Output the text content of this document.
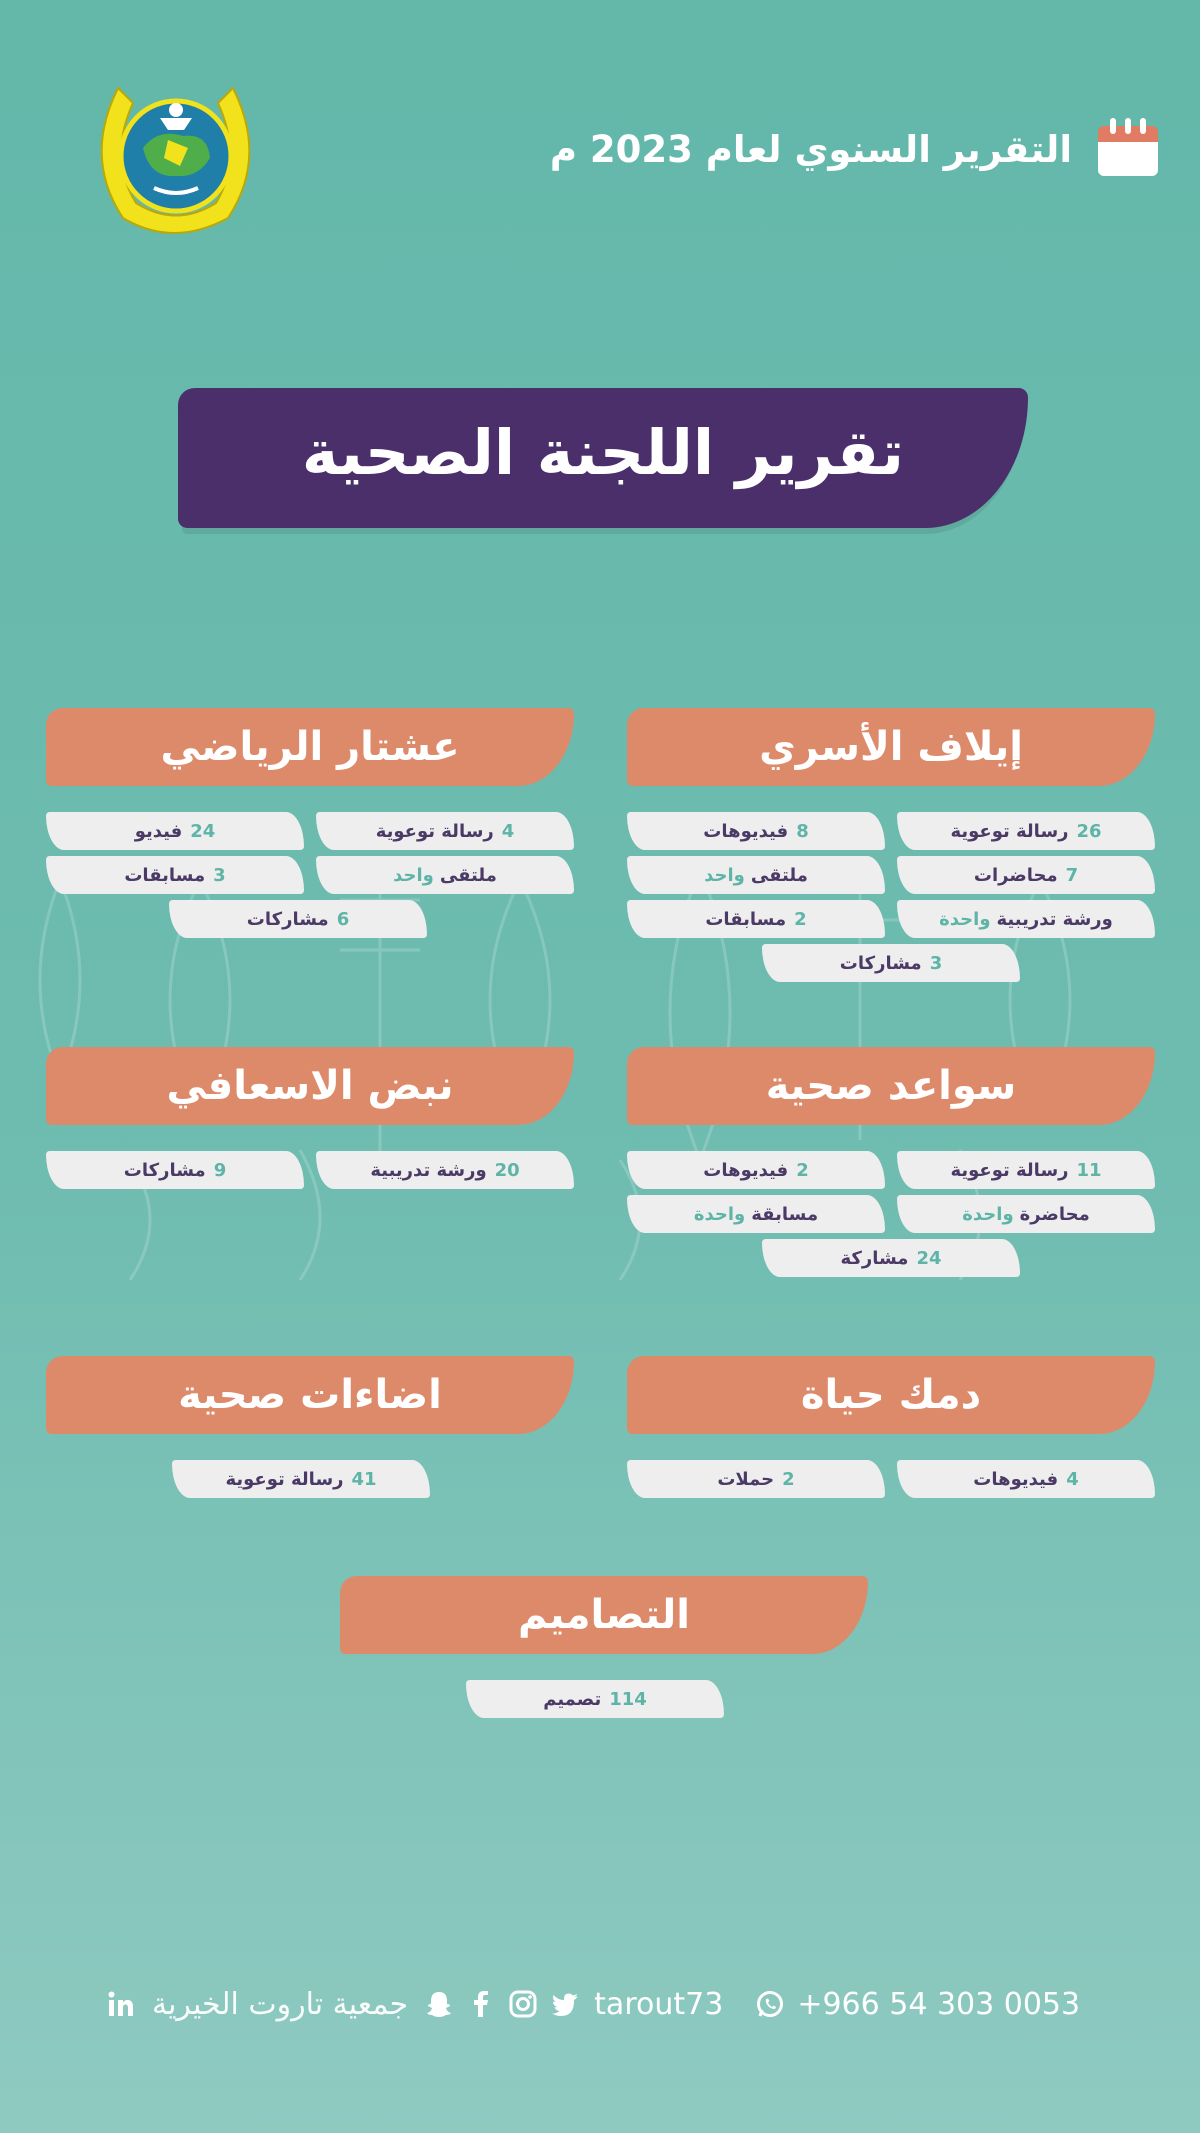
التقرير السنوي لعام 2023 م
تقرير اللجنة الصحية
إيلاف الأسري
26
رسالة توعوية
8
فيديوهات
7
محاضرات
ملتقى
واحد
ورشة تدريبية
واحدة
2
مسابقات
3
مشاركات
عشتار الرياضي
4
رسالة توعوية
24
فيديو
ملتقى
واحد
3
مسابقات
6
مشاركات
سواعد صحية
11
رسالة توعوية
2
فيديوهات
محاضرة
واحدة
مسابقة
واحدة
24
مشاركة
نبض الاسعافي
20
ورشة تدريبية
9
مشاركات
دمك حياة
4
فيديوهات
2
حملات
اضاءات صحية
41
رسالة توعوية
التصاميم
114
تصميم
جمعية تاروت الخيرية	tarout73 +966 54 303 0053
